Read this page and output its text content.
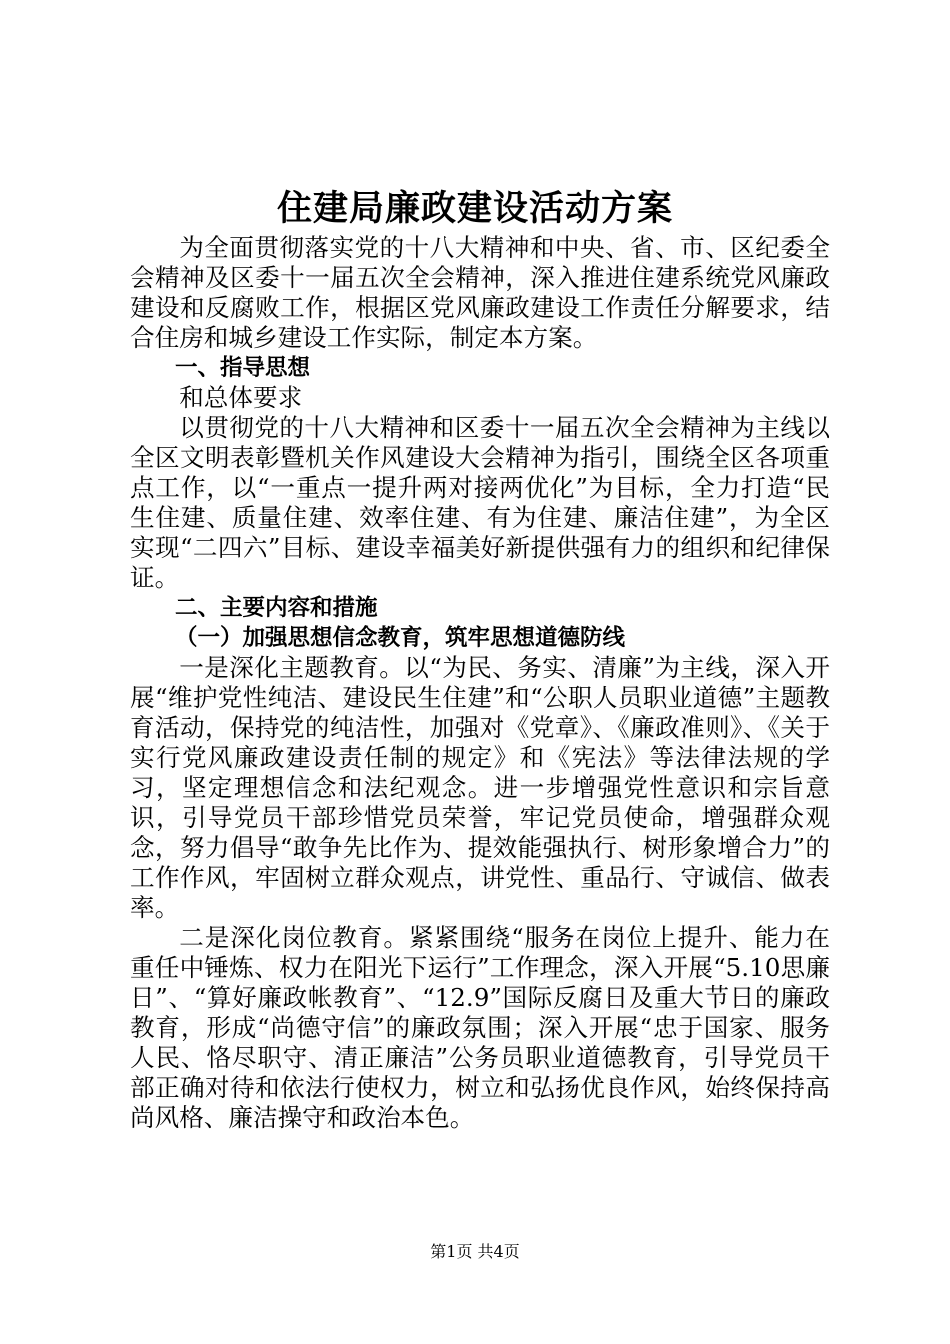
住建局廉政建设活动方案

为全面贯彻落实党的十八大精神和中央、省、市、区纪委全会精神及区委十一届五次全会精神，深入推进住建系统党风廉政建设和反腐败工作，根据区党风廉政建设工作责任分解要求，结合住房和城乡建设工作实际，制定本方案。

一、指导思想

和总体要求

以贯彻党的十八大精神和区委十一届五次全会精神为主线以全区文明表彰暨机关作风建设大会精神为指引，围绕全区各项重点工作，以“一重点一提升两对接两优化”为目标，全力打造“民生住建、质量住建、效率住建、有为住建、廉洁住建”，为全区实现“二四六”目标、建设幸福美好新提供强有力的组织和纪律保证。

二、主要内容和措施

（一）加强思想信念教育，筑牢思想道德防线

一是深化主题教育。以“为民、务实、清廉”为主线，深入开展“维护党性纯洁、建设民生住建”和“公职人员职业道德”主题教育活动，保持党的纯洁性，加强对《党章》、《廉政准则》、《关于实行党风廉政建设责任制的规定》和《宪法》等法律法规的学习，坚定理想信念和法纪观念。进一步增强党性意识和宗旨意识，引导党员干部珍惜党员荣誉，牢记党员使命，增强群众观念，努力倡导“敢争先比作为、提效能强执行、树形象增合力”的工作作风，牢固树立群众观点，讲党性、重品行、守诚信、做表率。

二是深化岗位教育。紧紧围绕“服务在岗位上提升、能力在重任中锤炼、权力在阳光下运行”工作理念，深入开展“5.10思廉日”、“算好廉政帐教育”、“12.9”国际反腐日及重大节日的廉政教育，形成“尚德守信”的廉政氛围；深入开展“忠于国家、服务人民、恪尽职守、清正廉洁”公务员职业道德教育，引导党员干部正确对待和依法行使权力，树立和弘扬优良作风，始终保持高尚风格、廉洁操守和政治本色。

第1页 共4页
